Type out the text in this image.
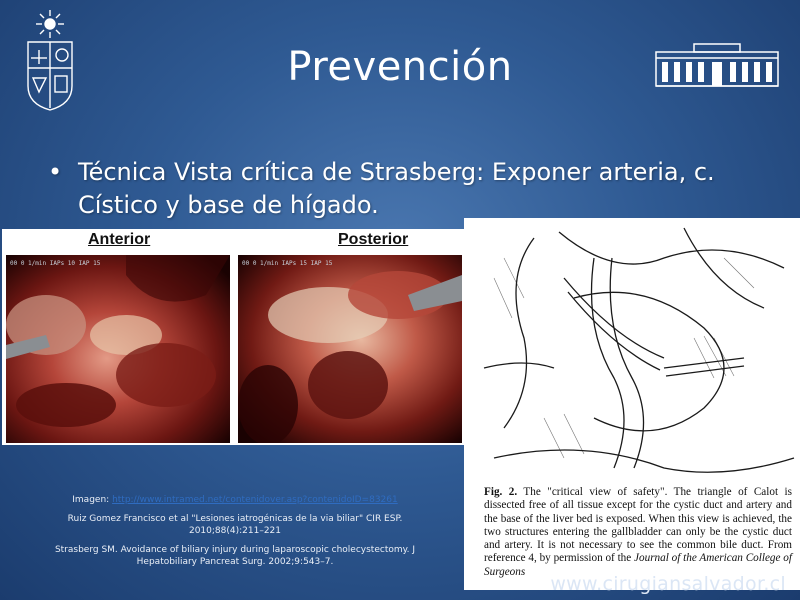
Prevención
• Técnica Vista crítica de Strasberg: Exponer arteria, c. Cístico y base de hígado.
Anterior	Posterior
00 0 1/min IAPs 10 IAP 15	00 0 1/min IAPs 15 IAP 15
Fig. 2. The "critical view of safety". The triangle of Calot is dissected free of all tissue except for the cystic duct and artery and the base of the liver bed is exposed. When this view is achieved, the two structures entering the gallbladder can only be the cystic duct and artery. It is not necessary to see the common bile duct. From reference 4, by permission of the Journal of the American College of Surgeons

Imagen: http://www.intramed.net/contenidover.asp?contenidoID=83261

Ruiz Gomez Francisco et al "Lesiones iatrogénicas de la via biliar" CIR ESP. 2010;88(4):211–221

Strasberg SM. Avoidance of biliary injury during laparoscopic cholecystectomy. J Hepatobiliary Pancreat Surg. 2002;9:543–7.

www.cirugiansalvador.cl
